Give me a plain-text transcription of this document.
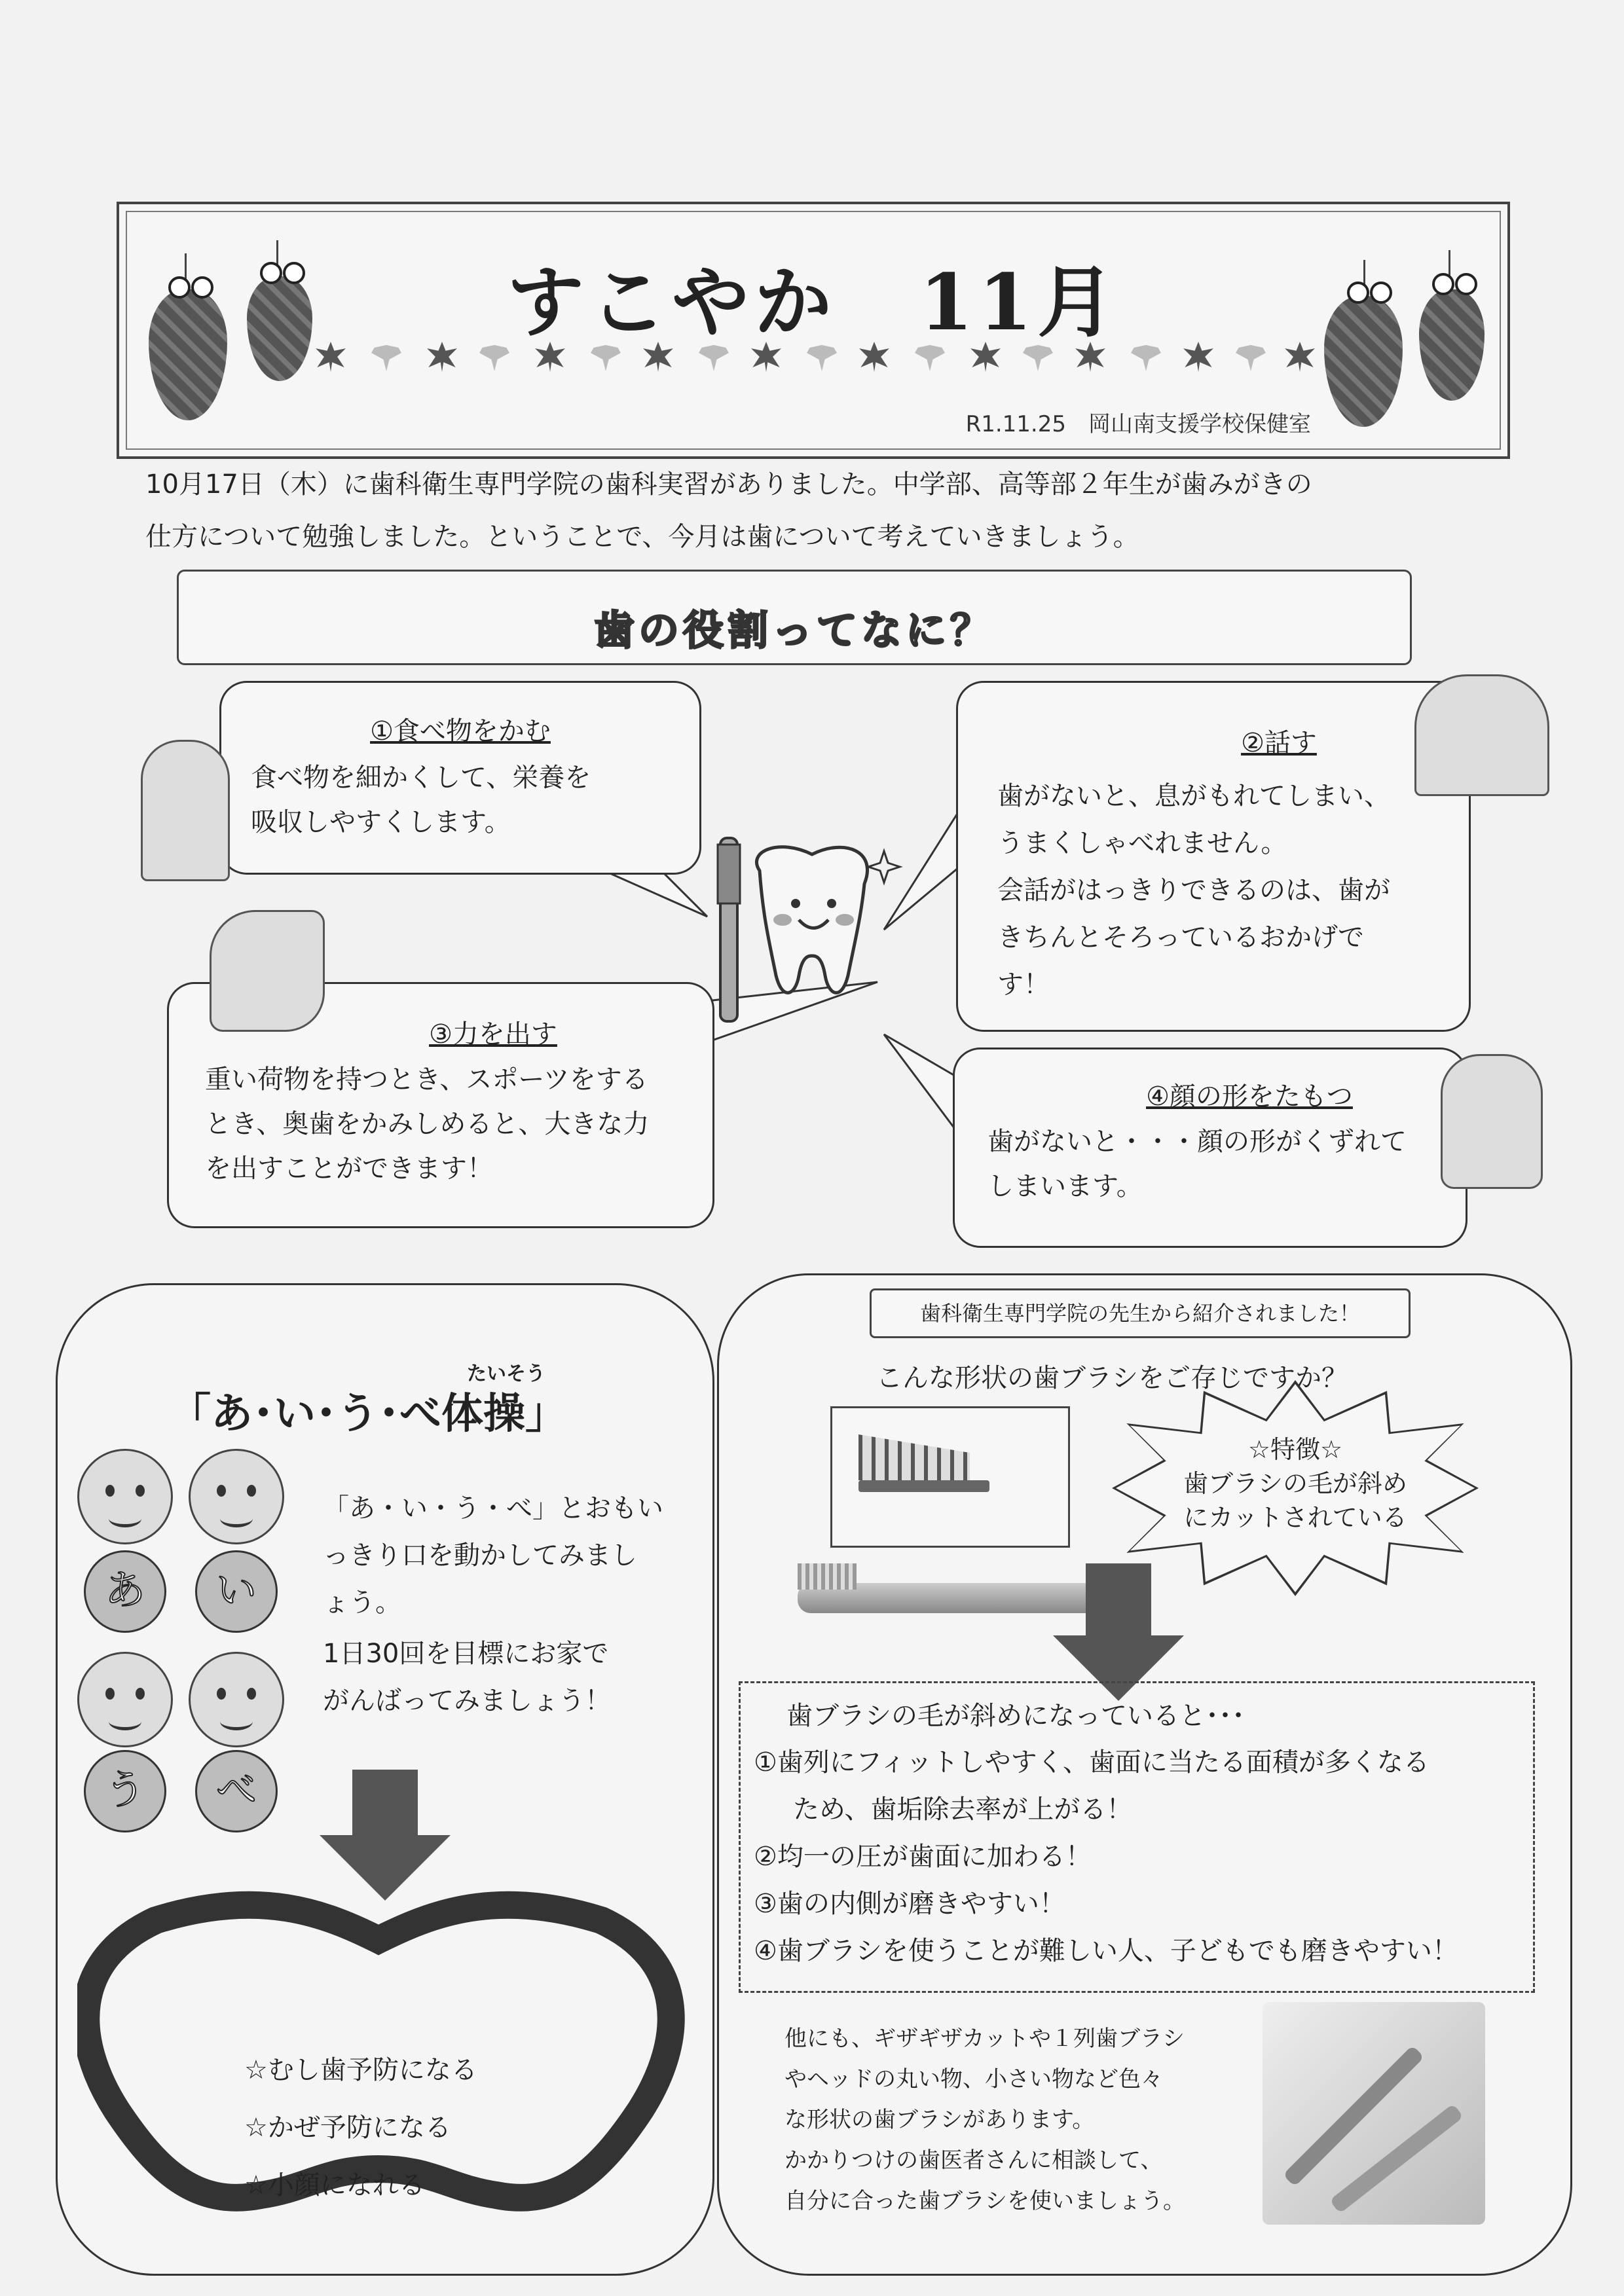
すこやか　11月
R1.11.25　岡山南支援学校保健室
10月17日（木）に歯科衛生専門学院の歯科実習がありました。中学部、高等部２年生が歯みがきの
仕方について勉強しました。ということで、今月は歯について考えていきましょう。
歯の役割ってなに？
①食べ物をかむ
食べ物を細かくして、栄養を
吸収しやすくします。
②話す
歯がないと、息がもれてしまい、
うまくしゃべれません。
会話がはっきりできるのは、歯が
きちんとそろっているおかげで
す！
③力を出す
重い荷物を持つとき、スポーツをする
とき、奥歯をかみしめると、大きな力
を出すことができます！
④顔の形をたもつ
歯がないと・・・顔の形がくずれて
しまいます。
たいそう
「あ･い･う･べ体操」
あ	い
う	べ
「あ・い・う・べ」とおもい
っきり口を動かしてみまし
ょう。
1日30回を目標にお家で
がんばってみましょう！
☆むし歯予防になる
☆かぜ予防になる
☆小顔になれる
歯科衛生専門学院の先生から紹介されました！
こんな形状の歯ブラシをご存じですか？
☆特徴☆
歯ブラシの毛が斜め
にカットされている
歯ブラシの毛が斜めになっていると･･･
①歯列にフィットしやすく、歯面に当たる面積が多くなる
　ため、歯垢除去率が上がる！
②均一の圧が歯面に加わる！
③歯の内側が磨きやすい！
④歯ブラシを使うことが難しい人、子どもでも磨きやすい！
他にも、ギザギザカットや１列歯ブラシ
やヘッドの丸い物、小さい物など色々
な形状の歯ブラシがあります。
かかりつけの歯医者さんに相談して、
自分に合った歯ブラシを使いましょう。
